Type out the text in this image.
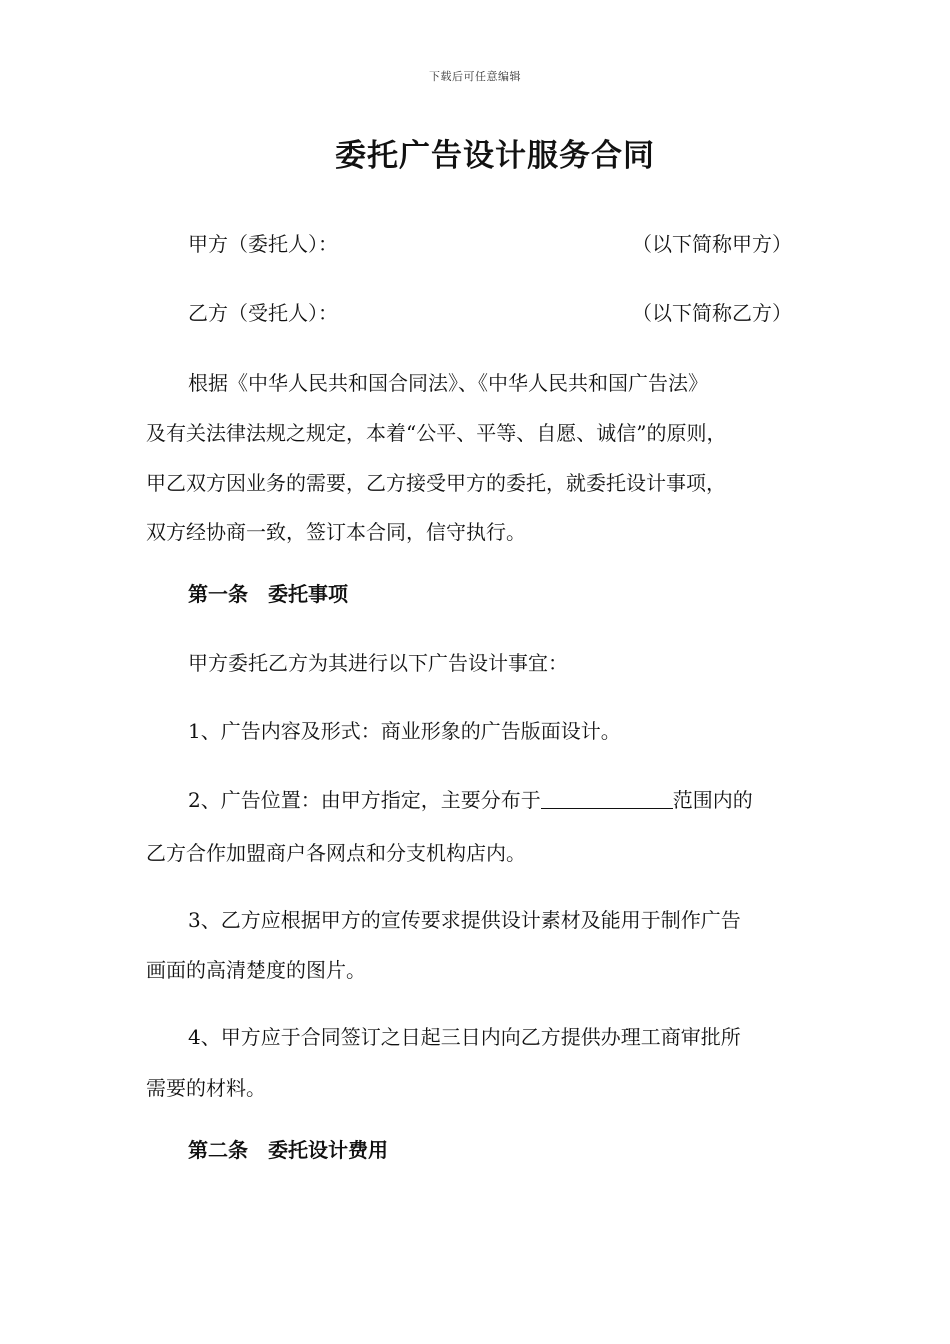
下载后可任意编辑
委托广告设计服务合同
甲方（委托人）：	（以下简称甲方）
乙方（受托人）：	（以下简称乙方）
根据《中华人民共和国合同法》、《中华人民共和国广告法》
及有关法律法规之规定，本着“公平、平等、自愿、诚信”的原则，
甲乙双方因业务的需要，乙方接受甲方的委托，就委托设计事项，
双方经协商一致，签订本合同，信守执行。
第一条　委托事项
甲方委托乙方为其进行以下广告设计事宜：
1、广告内容及形式：商业形象的广告版面设计。
2、广告位置：由甲方指定，主要分布于	范围内的
乙方合作加盟商户各网点和分支机构店内。
3、乙方应根据甲方的宣传要求提供设计素材及能用于制作广告
画面的高清楚度的图片。
4、甲方应于合同签订之日起三日内向乙方提供办理工商审批所
需要的材料。
第二条　委托设计费用
